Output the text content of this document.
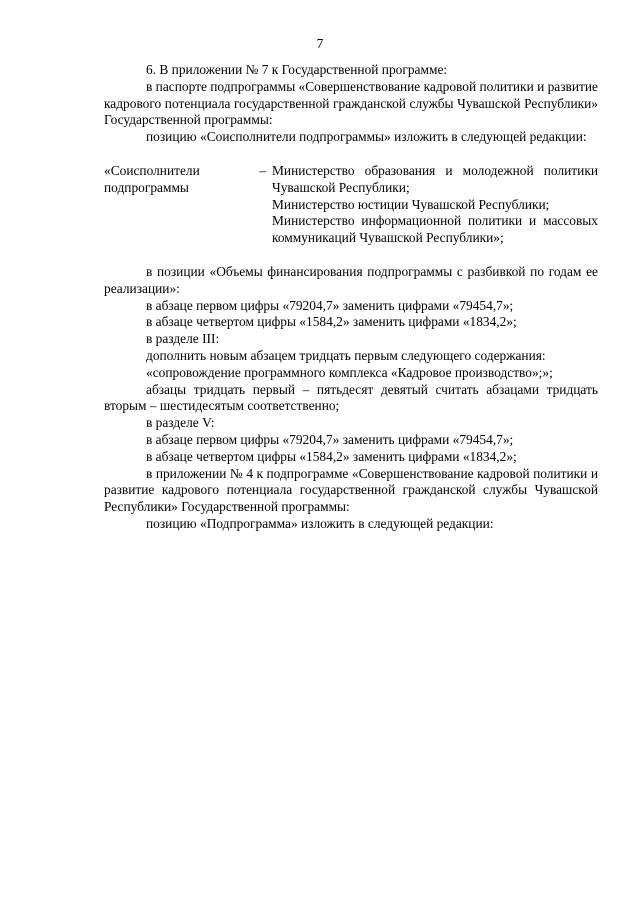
7

6. В приложении № 7 к Государственной программе:

в паспорте подпрограммы «Совершенствование кадровой политики и развитие кадрового потенциала государственной гражданской службы Чувашской Республики» Государственной программы:

позицию «Соисполнители подпрограммы» изложить в следующей редакции:

«Соисполнители подпрограммы
– Министерство образования и молодежной политики Чувашской Республики;

Министерство юстиции Чувашской Республики;

Министерство информационной политики и массовых коммуникаций Чувашской Республики»;

в позиции «Объемы финансирования подпрограммы с разбивкой по годам ее реализации»:

в абзаце первом цифры «79204,7» заменить цифрами «79454,7»;

в абзаце четвертом цифры «1584,2» заменить цифрами «1834,2»;

в разделе III:

дополнить новым абзацем тридцать первым следующего содержания:

«сопровождение программного комплекса «Кадровое производство»;»;

абзацы тридцать первый – пятьдесят девятый считать абзацами тридцать вторым – шестидесятым соответственно;

в разделе V:

в абзаце первом цифры «79204,7» заменить цифрами «79454,7»;

в абзаце четвертом цифры «1584,2» заменить цифрами «1834,2»;

в приложении № 4 к подпрограмме «Совершенствование кадровой политики и развитие кадрового потенциала государственной гражданской службы Чувашской Республики» Государственной программы:

позицию «Подпрограмма» изложить в следующей редакции:
